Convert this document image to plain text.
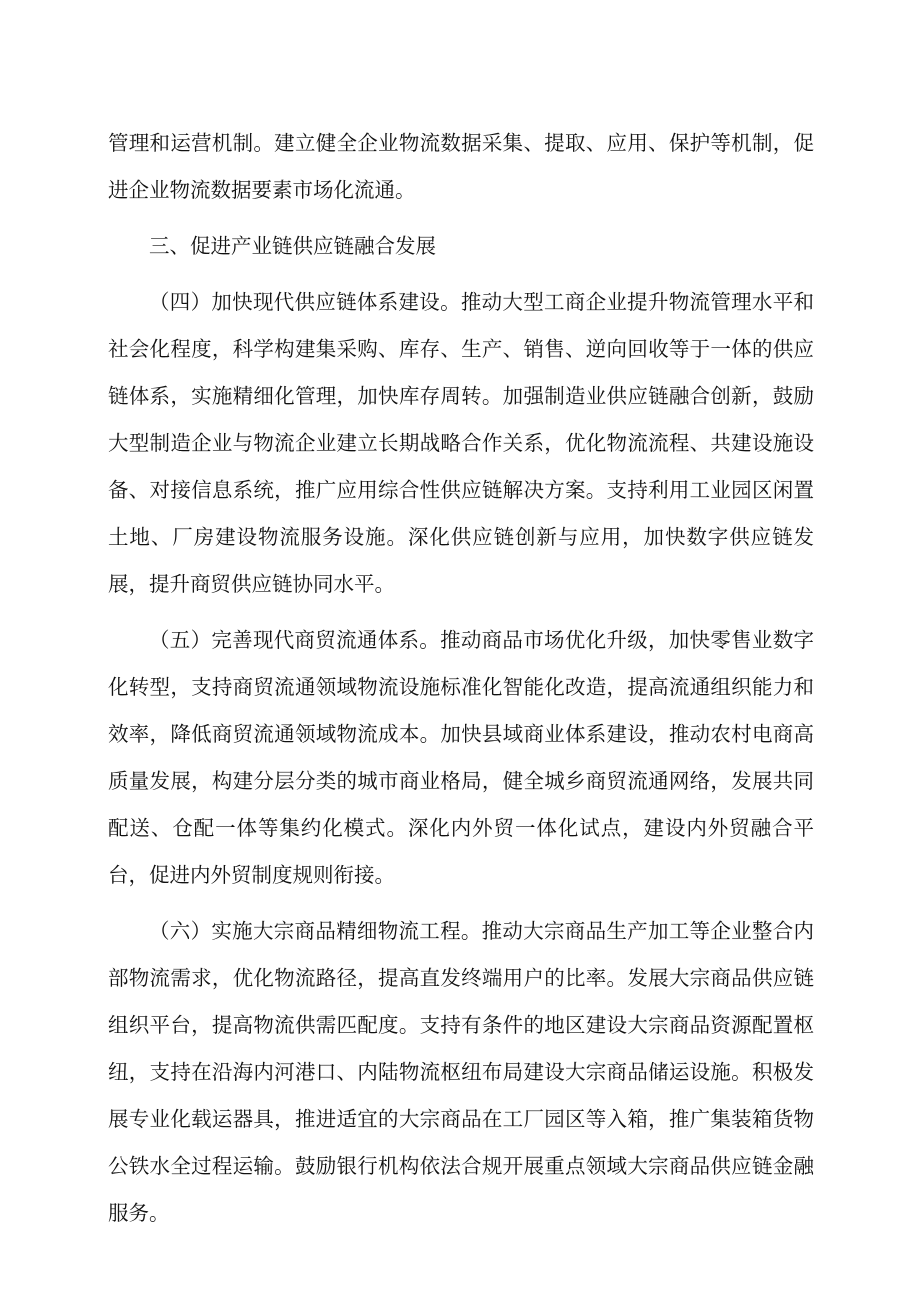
管理和运营机制。建立健全企业物流数据采集、提取、应用、保护等机制，促进企业物流数据要素市场化流通。

三、促进产业链供应链融合发展

（四）加快现代供应链体系建设。推动大型工商企业提升物流管理水平和社会化程度，科学构建集采购、库存、生产、销售、逆向回收等于一体的供应链体系，实施精细化管理，加快库存周转。加强制造业供应链融合创新，鼓励大型制造企业与物流企业建立长期战略合作关系，优化物流流程、共建设施设备、对接信息系统，推广应用综合性供应链解决方案。支持利用工业园区闲置土地、厂房建设物流服务设施。深化供应链创新与应用，加快数字供应链发展，提升商贸供应链协同水平。

（五）完善现代商贸流通体系。推动商品市场优化升级，加快零售业数字化转型，支持商贸流通领域物流设施标准化智能化改造，提高流通组织能力和效率，降低商贸流通领域物流成本。加快县域商业体系建设，推动农村电商高质量发展，构建分层分类的城市商业格局，健全城乡商贸流通网络，发展共同配送、仓配一体等集约化模式。深化内外贸一体化试点，建设内外贸融合平台，促进内外贸制度规则衔接。

（六）实施大宗商品精细物流工程。推动大宗商品生产加工等企业整合内部物流需求，优化物流路径，提高直发终端用户的比率。发展大宗商品供应链组织平台，提高物流供需匹配度。支持有条件的地区建设大宗商品资源配置枢纽，支持在沿海内河港口、内陆物流枢纽布局建设大宗商品储运设施。积极发展专业化载运器具，推进适宜的大宗商品在工厂园区等入箱，推广集装箱货物公铁水全过程运输。鼓励银行机构依法合规开展重点领域大宗商品供应链金融服务。
